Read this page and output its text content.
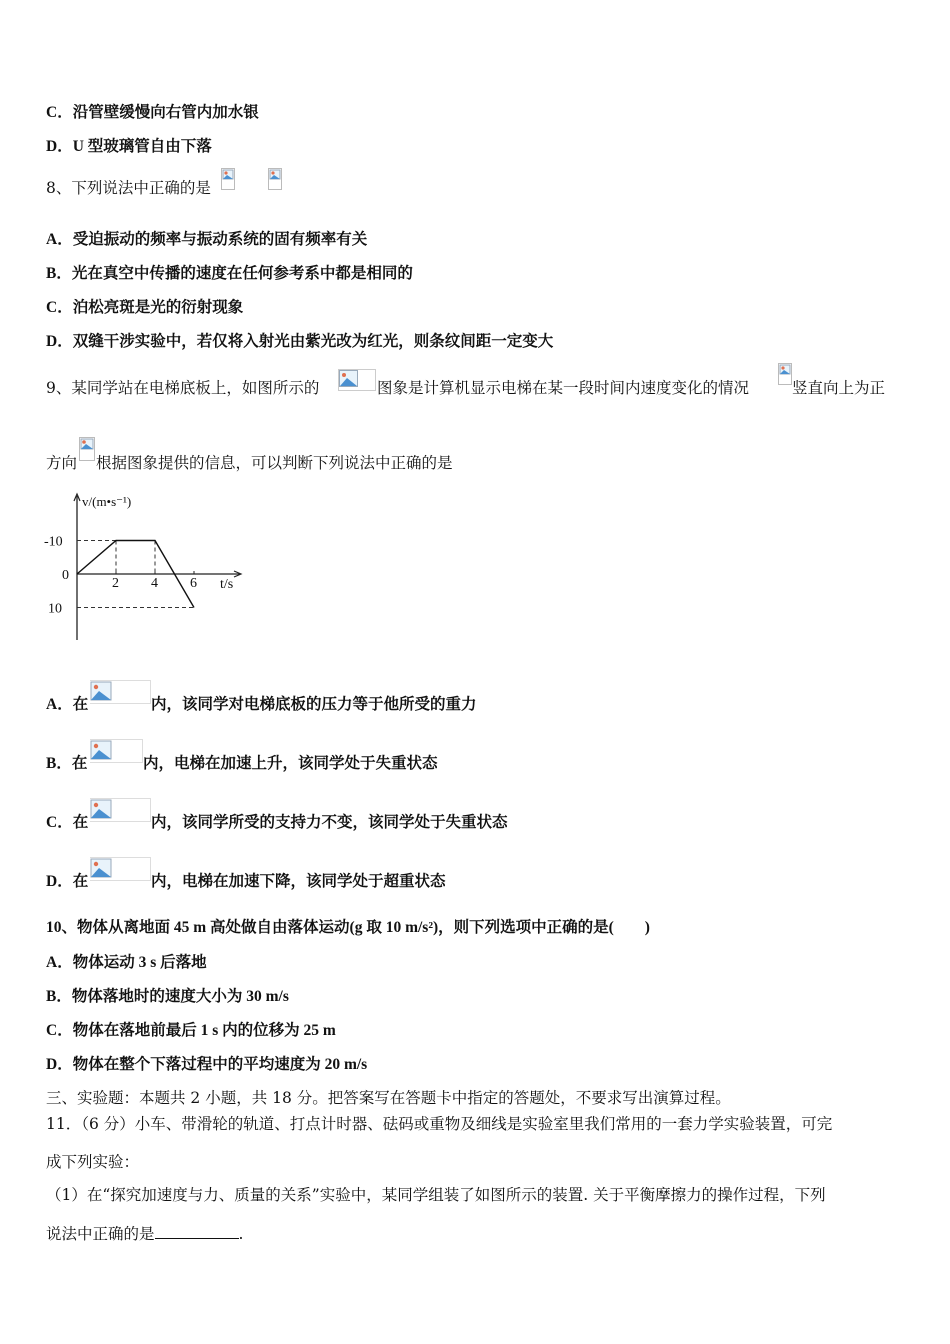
C．沿管壁缓慢向右管内加水银
D．U 型玻璃管自由下落
8、下列说法中正确的是
A．受迫振动的频率与振动系统的固有频率有关
B．光在真空中传播的速度在任何参考系中都是相同的
C．泊松亮斑是光的衍射现象
D．双缝干涉实验中，若仅将入射光由紫光改为红光，则条纹间距一定变大
9、某同学站在电梯底板上，如图所示的	图象是计算机显示电梯在某一段时间内速度变化的情况	竖直向上为正
方向 根据图象提供的信息，可以判断下列说法中正确的是
v/(m•s⁻¹)
t/s
-10
0
10
2 4 6
A．在	内，该同学对电梯底板的压力等于他所受的重力
B．在	内，电梯在加速上升，该同学处于失重状态
C．在	内，该同学所受的支持力不变，该同学处于失重状态
D．在	内，电梯在加速下降，该同学处于超重状态
10、物体从离地面 45 m 高处做自由落体运动(g 取 10 m/s²)，则下列选项中正确的是(　　)
A．物体运动 3 s 后落地
B．物体落地时的速度大小为 30 m/s
C．物体在落地前最后 1 s 内的位移为 25 m
D．物体在整个下落过程中的平均速度为 20 m/s
三、实验题：本题共 2 小题，共 18 分。把答案写在答题卡中指定的答题处，不要求写出演算过程。
11．（6 分）小车、带滑轮的轨道、打点计时器、砝码或重物及细线是实验室里我们常用的一套力学实验装置，可完
成下列实验：
（1）在“探究加速度与力、质量的关系”实验中，某同学组装了如图所示的装置. 关于平衡摩擦力的操作过程，下列
说法中正确的是	.
